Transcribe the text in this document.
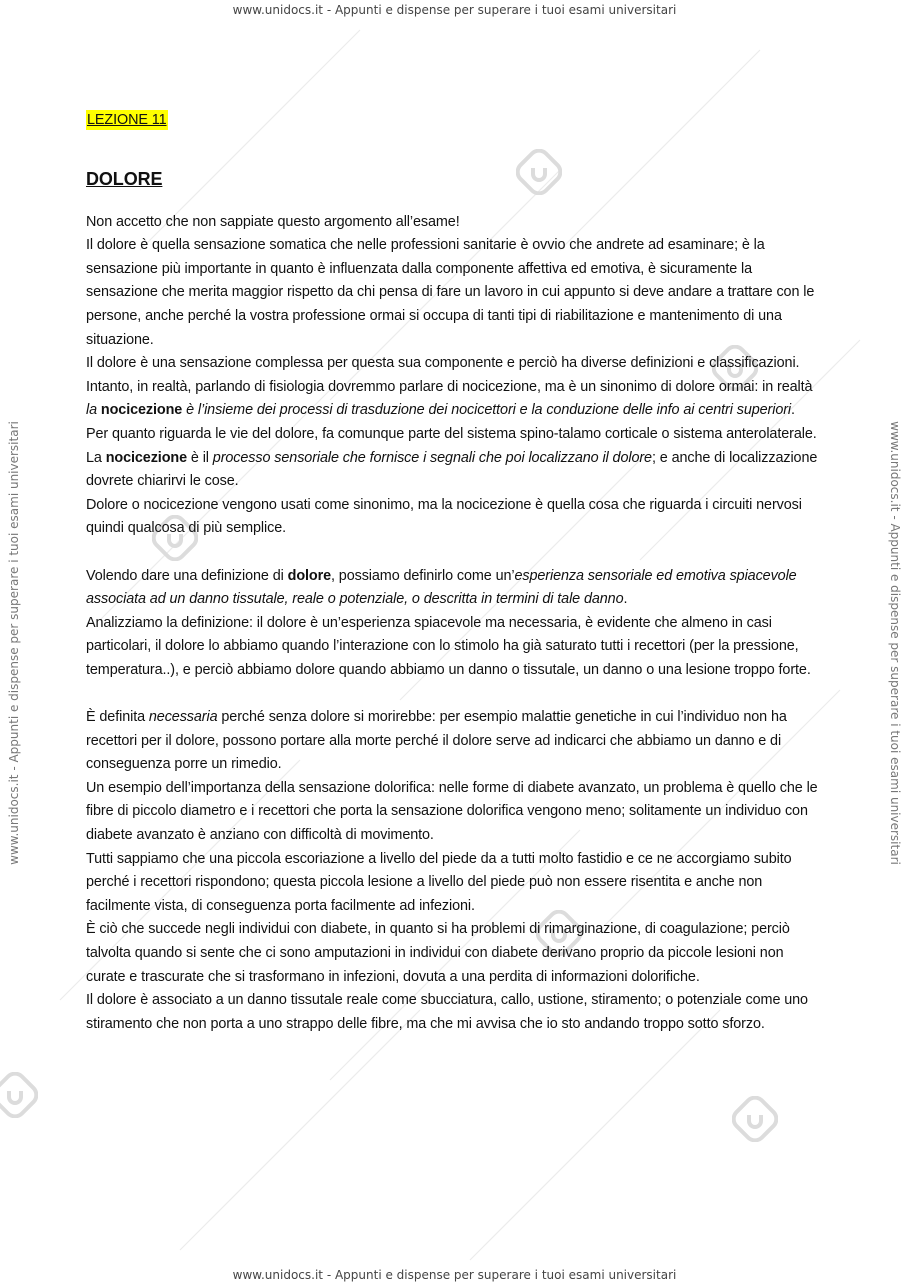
www.unidocs.it - Appunti e dispense per superare i tuoi esami universitari
www.unidocs.it - Appunti e dispense per superare i tuoi esami universitari
www.unidocs.it - Appunti e dispense per superare i tuoi esami universitari	www.unidocs.it - Appunti e dispense per superare i tuoi esami universitari
LEZIONE 11
DOLORE

Non accetto che non sappiate questo argomento all’esame!

Il dolore è quella sensazione somatica che nelle professioni sanitarie è ovvio che andrete ad esaminare; è la sensazione più importante in quanto è influenzata dalla componente affettiva ed emotiva, è sicuramente la sensazione che merita maggior rispetto da chi pensa di fare un lavoro in cui appunto si deve andare a trattare con le persone, anche perché la vostra professione ormai si occupa di tanti tipi di riabilitazione e mantenimento di una situazione.

Il dolore è una sensazione complessa per questa sua componente e perciò ha diverse definizioni e classificazioni.

Intanto, in realtà, parlando di fisiologia dovremmo parlare di nocicezione, ma è un sinonimo di dolore ormai: in realtà la nocicezione è l’insieme dei processi di trasduzione dei nocicettori e la conduzione delle info ai centri superiori.

Per quanto riguarda le vie del dolore, fa comunque parte del sistema spino-talamo corticale o sistema anterolaterale.

La nocicezione è il processo sensoriale che fornisce i segnali che poi localizzano il dolore; e anche di localizzazione dovrete chiarirvi le cose.

Dolore o nocicezione vengono usati come sinonimo, ma la nocicezione è quella cosa che riguarda i circuiti nervosi quindi qualcosa di più semplice.

Volendo dare una definizione di dolore, possiamo definirlo come un’esperienza sensoriale ed emotiva spiacevole associata ad un danno tissutale, reale o potenziale, o descritta in termini di tale danno.

Analizziamo la definizione: il dolore è un’esperienza spiacevole ma necessaria, è evidente che almeno in casi particolari, il dolore lo abbiamo quando l’interazione con lo stimolo ha già saturato tutti i recettori (per la pressione, temperatura..), e perciò abbiamo dolore quando abbiamo un danno o tissutale, un danno o una lesione troppo forte.

È definita necessaria perché senza dolore si morirebbe: per esempio malattie genetiche in cui l’individuo non ha recettori per il dolore, possono portare alla morte perché il dolore serve ad indicarci che abbiamo un danno e di conseguenza porre un rimedio.

Un esempio dell’importanza della sensazione dolorifica: nelle forme di diabete avanzato, un problema è quello che le fibre di piccolo diametro e i recettori che porta la sensazione dolorifica vengono meno; solitamente un individuo con diabete avanzato è anziano con difficoltà di movimento.

Tutti sappiamo che una piccola escoriazione a livello del piede da a tutti molto fastidio e ce ne accorgiamo subito perché i recettori rispondono; questa piccola lesione a livello del piede può non essere risentita e anche non facilmente vista, di conseguenza porta facilmente ad infezioni.

È ciò che succede negli individui con diabete, in quanto si ha problemi di rimarginazione, di coagulazione; perciò talvolta quando si sente che ci sono amputazioni in individui con diabete derivano proprio da piccole lesioni non curate e trascurate che si trasformano in infezioni, dovuta a una perdita di informazioni dolorifiche.

Il dolore è associato a un danno tissutale reale come sbucciatura, callo, ustione, stiramento; o potenziale come uno stiramento che non porta a uno strappo delle fibre, ma che mi avvisa che io sto andando troppo sotto sforzo.
